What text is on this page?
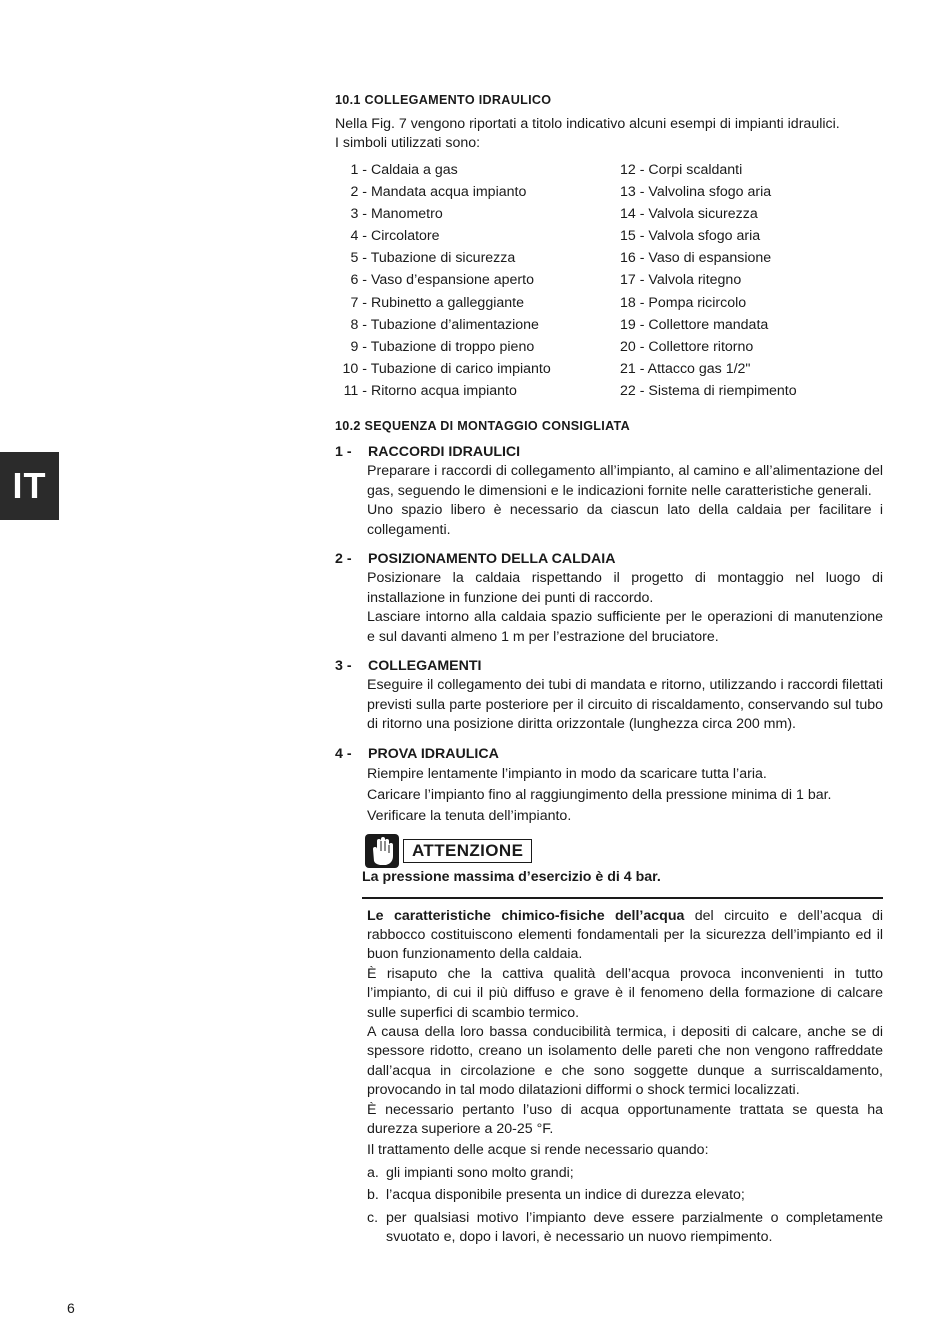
IT
10.1 COLLEGAMENTO IDRAULICO

Nella Fig. 7 vengono riportati a titolo indicativo alcuni esempi di impianti idraulici.

I simboli utilizzati sono:

1 - Caldaia a gas
2 - Mandata acqua impianto
3 - Manometro
4 - Circolatore
5 - Tubazione di sicurezza
6 - Vaso d’espansione aperto
7 - Rubinetto a galleggiante
8 - Tubazione d’alimentazione
9 - Tubazione di troppo pieno
10 - Tubazione di carico impianto
11 - Ritorno acqua impianto
12 - Corpi scaldanti
13 - Valvolina sfogo aria
14 - Valvola sicurezza
15 - Valvola sfogo aria
16 - Vaso di espansione
17 - Valvola ritegno
18 - Pompa ricircolo
19 - Collettore mandata
20 - Collettore ritorno
21 - Attacco gas 1/2"
22 - Sistema di riempimento
10.2 SEQUENZA DI MONTAGGIO CONSIGLIATA
1 - RACCORDI IDRAULICI

Preparare i raccordi di collegamento all’impianto, al camino e all’alimentazione del gas, seguendo le dimensioni e le indicazioni fornite nelle caratteristiche generali.

Uno spazio libero è necessario da ciascun lato della caldaia per facilitare i collegamenti.

2 - POSIZIONAMENTO DELLA CALDAIA

Posizionare la caldaia rispettando il progetto di montaggio nel luogo di installazione in funzione dei punti di raccordo.

Lasciare intorno alla caldaia spazio sufficiente per le operazioni di manutenzione e sul davanti almeno 1 m per l’estrazione del bruciatore.

3 - COLLEGAMENTI

Eseguire il collegamento dei tubi di mandata e ritorno, utilizzando i raccordi filettati previsti sulla parte posteriore per il circuito di riscaldamento, conservando sul tubo di ritorno una posizione diritta orizzontale (lunghezza circa 200 mm).

4 - PROVA IDRAULICA

Riempire lentamente l’impianto in modo da scaricare tutta l’aria.

Caricare l’impianto fino al raggiungimento della pressione minima di 1 bar.

Verificare la tenuta dell’impianto.

ATTENZIONE

La pressione massima d’esercizio è di 4 bar.

Le caratteristiche chimico-fisiche dell’acqua del circuito e dell’acqua di rabbocco costituiscono elementi fondamentali per la sicurezza dell’impianto ed il buon funzionamento della caldaia.

È risaputo che la cattiva qualità dell’acqua provoca inconvenienti in tutto l’impianto, di cui il più diffuso e grave è il fenomeno della formazione di calcare sulle superfici di scambio termico.

A causa della loro bassa conducibilità termica, i depositi di calcare, anche se di spessore ridotto, creano un isolamento delle pareti che non vengono raffreddate dall’acqua in circolazione e che sono soggette dunque a surriscaldamento, provocando in tal modo dilatazioni difformi o shock termici localizzati.

È necessario pertanto l’uso di acqua opportunamente trattata se questa ha durezza superiore a 20-25 °F.

Il trattamento delle acque si rende necessario quando:

a. gli impianti sono molto grandi;
b. l’acqua disponibile presenta un indice di durezza elevato;
c. per qualsiasi motivo l’impianto deve essere parzialmente o completamente svuotato e, dopo i lavori, è necessario un nuovo riempimento.
6
